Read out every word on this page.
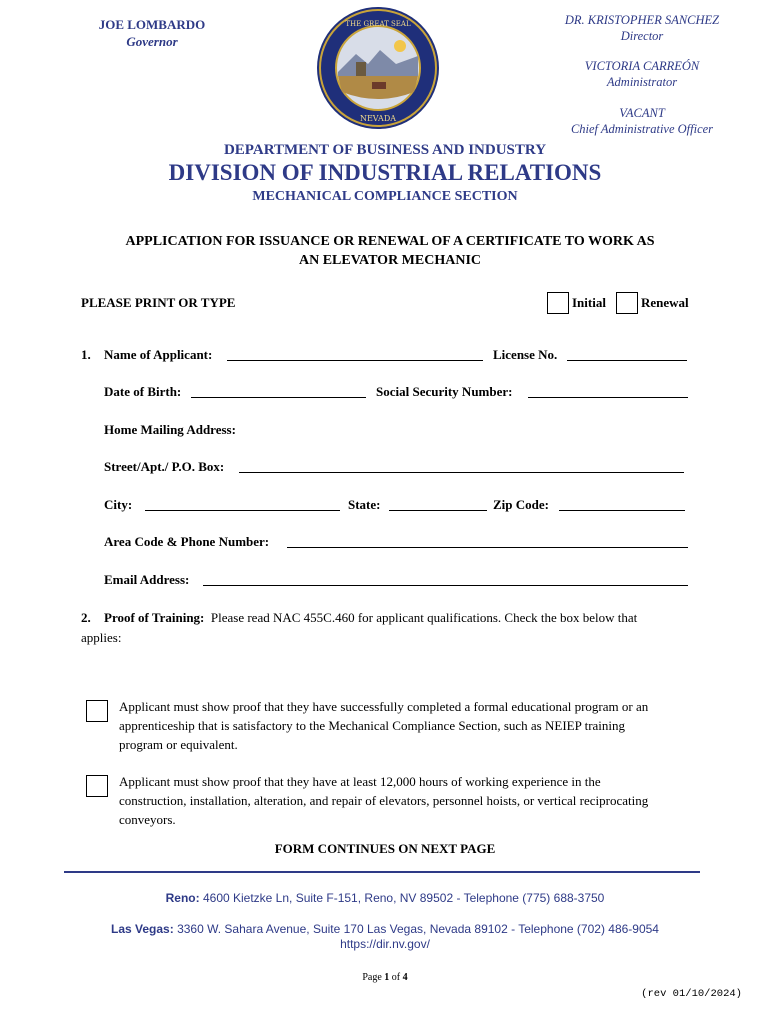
JOE LOMBARDO
Governor
THE GREAT SEAL
NEVADA
DR. KRISTOPHER SANCHEZ
Director
VICTORIA CARREÓN
Administrator
VACANT
Chief Administrative Officer
DEPARTMENT OF BUSINESS AND INDUSTRY
DIVISION OF INDUSTRIAL RELATIONS
MECHANICAL COMPLIANCE SECTION
APPLICATION FOR ISSUANCE OR RENEWAL OF A CERTIFICATE TO WORK AS
AN ELEVATOR MECHANIC
PLEASE PRINT OR TYPE	Initial	Renewal
1. Name of Applicant:	License No.
Date of Birth:	Social Security Number:
Home Mailing Address:
Street/Apt./ P.O. Box:
City:	State:	Zip Code:
Area Code & Phone Number:
Email Address:
2. Proof of Training: Please read NAC 455C.460 for applicant qualifications. Check the box below that
applies:
Applicant must show proof that they have successfully completed a formal educational program or an
apprenticeship that is satisfactory to the Mechanical Compliance Section, such as NEIEP training
program or equivalent.
Applicant must show proof that they have at least 12,000 hours of working experience in the
construction, installation, alteration, and repair of elevators, personnel hoists, or vertical reciprocating
conveyors.
FORM CONTINUES ON NEXT PAGE
Reno: 4600 Kietzke Ln, Suite F-151, Reno, NV 89502 - Telephone (775) 688-3750
Las Vegas: 3360 W. Sahara Avenue, Suite 170 Las Vegas, Nevada 89102 - Telephone (702) 486-9054
https://dir.nv.gov/
Page 1 of 4
(rev 01/10/2024)
